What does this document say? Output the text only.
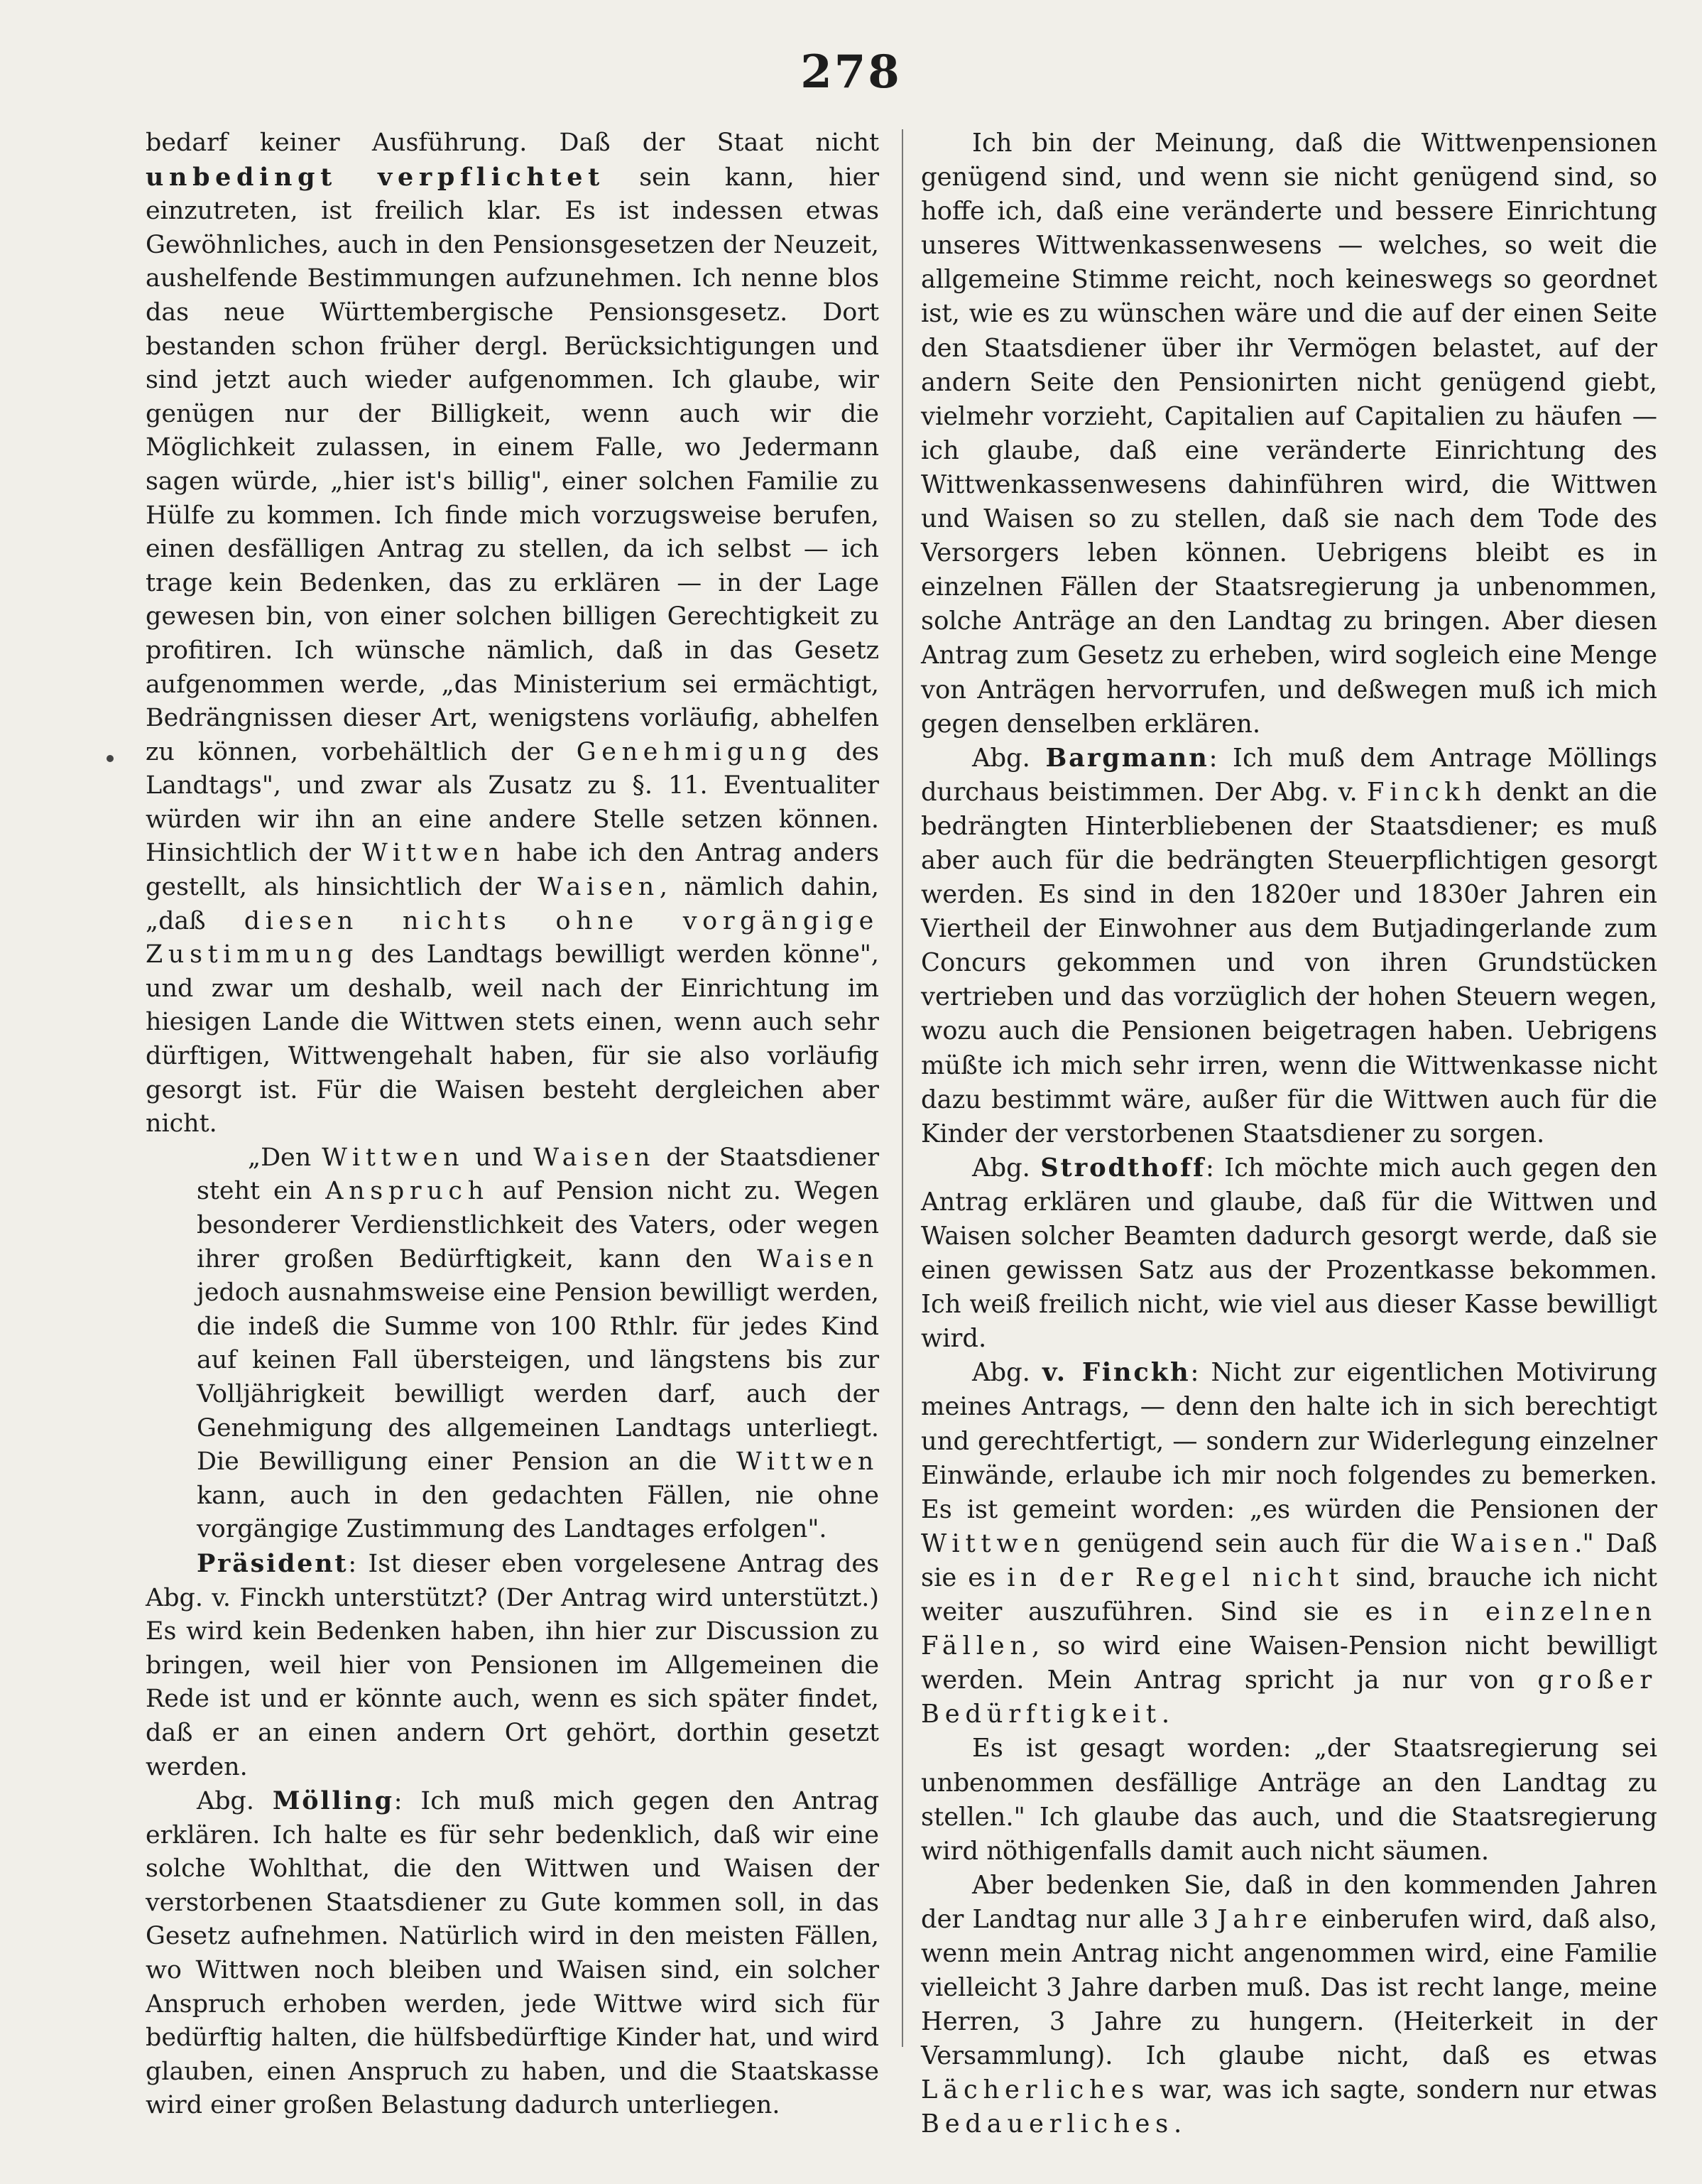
278

bedarf keiner Ausführung. Daß der Staat nicht unbedingt verpflichtet sein kann, hier einzutreten, ist freilich klar. Es ist indessen etwas Gewöhnliches, auch in den Pensionsgesetzen der Neuzeit, aushelfende Bestimmungen aufzunehmen. Ich nenne blos das neue Württembergische Pensionsgesetz. Dort bestanden schon früher dergl. Berücksichtigungen und sind jetzt auch wieder aufgenommen. Ich glaube, wir genügen nur der Billigkeit, wenn auch wir die Möglichkeit zulassen, in einem Falle, wo Jedermann sagen würde, „hier ist's billig", einer solchen Familie zu Hülfe zu kommen. Ich finde mich vorzugsweise berufen, einen desfälligen Antrag zu stellen, da ich selbst — ich trage kein Bedenken, das zu erklären — in der Lage gewesen bin, von einer solchen billigen Gerechtigkeit zu profitiren. Ich wünsche nämlich, daß in das Gesetz aufgenommen werde, „das Ministerium sei ermächtigt, Bedrängnissen dieser Art, wenigstens vorläufig, abhelfen zu können, vorbehältlich der Genehmigung des Landtags", und zwar als Zusatz zu §. 11. Eventualiter würden wir ihn an eine andere Stelle setzen können. Hinsichtlich der Wittwen habe ich den Antrag anders gestellt, als hinsichtlich der Waisen, nämlich dahin, „daß diesen nichts ohne vorgängige Zustimmung des Landtags bewilligt werden könne", und zwar um deshalb, weil nach der Einrichtung im hiesigen Lande die Wittwen stets einen, wenn auch sehr dürftigen, Wittwengehalt haben, für sie also vorläufig gesorgt ist. Für die Waisen besteht dergleichen aber nicht.

„Den Wittwen und Waisen der Staatsdiener steht ein Anspruch auf Pension nicht zu. Wegen besonderer Verdienstlichkeit des Vaters, oder wegen ihrer großen Bedürftigkeit, kann den Waisen jedoch ausnahmsweise eine Pension bewilligt werden, die indeß die Summe von 100 Rthlr. für jedes Kind auf keinen Fall übersteigen, und längstens bis zur Volljährigkeit bewilligt werden darf, auch der Genehmigung des allgemeinen Landtags unterliegt. Die Bewilligung einer Pension an die Wittwen kann, auch in den gedachten Fällen, nie ohne vorgängige Zustimmung des Landtages erfolgen".

Präsident: Ist dieser eben vorgelesene Antrag des Abg. v. Finckh unterstützt? (Der Antrag wird unterstützt.) Es wird kein Bedenken haben, ihn hier zur Discussion zu bringen, weil hier von Pensionen im Allgemeinen die Rede ist und er könnte auch, wenn es sich später findet, daß er an einen andern Ort gehört, dorthin gesetzt werden.

Abg. Mölling: Ich muß mich gegen den Antrag erklären. Ich halte es für sehr bedenklich, daß wir eine solche Wohlthat, die den Wittwen und Waisen der verstorbenen Staatsdiener zu Gute kommen soll, in das Gesetz aufnehmen. Natürlich wird in den meisten Fällen, wo Wittwen noch bleiben und Waisen sind, ein solcher Anspruch erhoben werden, jede Wittwe wird sich für bedürftig halten, die hülfsbedürftige Kinder hat, und wird glauben, einen Anspruch zu haben, und die Staatskasse wird einer großen Belastung dadurch unterliegen.

Ich bin der Meinung, daß die Wittwenpensionen genügend sind, und wenn sie nicht genügend sind, so hoffe ich, daß eine veränderte und bessere Einrichtung unseres Wittwenkassenwesens — welches, so weit die allgemeine Stimme reicht, noch keineswegs so geordnet ist, wie es zu wünschen wäre und die auf der einen Seite den Staatsdiener über ihr Vermögen belastet, auf der andern Seite den Pensionirten nicht genügend giebt, vielmehr vorzieht, Capitalien auf Capitalien zu häufen — ich glaube, daß eine veränderte Einrichtung des Wittwenkassenwesens dahinführen wird, die Wittwen und Waisen so zu stellen, daß sie nach dem Tode des Versorgers leben können. Uebrigens bleibt es in einzelnen Fällen der Staatsregierung ja unbenommen, solche Anträge an den Landtag zu bringen. Aber diesen Antrag zum Gesetz zu erheben, wird sogleich eine Menge von Anträgen hervorrufen, und deßwegen muß ich mich gegen denselben erklären.

Abg. Bargmann: Ich muß dem Antrage Möllings durchaus beistimmen. Der Abg. v. Finckh denkt an die bedrängten Hinterbliebenen der Staatsdiener; es muß aber auch für die bedrängten Steuerpflichtigen gesorgt werden. Es sind in den 1820er und 1830er Jahren ein Viertheil der Einwohner aus dem Butjadingerlande zum Concurs gekommen und von ihren Grundstücken vertrieben und das vorzüglich der hohen Steuern wegen, wozu auch die Pensionen beigetragen haben. Uebrigens müßte ich mich sehr irren, wenn die Wittwenkasse nicht dazu bestimmt wäre, außer für die Wittwen auch für die Kinder der verstorbenen Staatsdiener zu sorgen.

Abg. Strodthoff: Ich möchte mich auch gegen den Antrag erklären und glaube, daß für die Wittwen und Waisen solcher Beamten dadurch gesorgt werde, daß sie einen gewissen Satz aus der Prozentkasse bekommen. Ich weiß freilich nicht, wie viel aus dieser Kasse bewilligt wird.

Abg. v. Finckh: Nicht zur eigentlichen Motivirung meines Antrags, — denn den halte ich in sich berechtigt und gerechtfertigt, — sondern zur Widerlegung einzelner Einwände, erlaube ich mir noch folgendes zu bemerken. Es ist gemeint worden: „es würden die Pensionen der Wittwen genügend sein auch für die Waisen." Daß sie es in der Regel nicht sind, brauche ich nicht weiter auszuführen. Sind sie es in einzelnen Fällen, so wird eine Waisen-Pension nicht bewilligt werden. Mein Antrag spricht ja nur von großer Bedürftigkeit.

Es ist gesagt worden: „der Staatsregierung sei unbenommen desfällige Anträge an den Landtag zu stellen." Ich glaube das auch, und die Staatsregierung wird nöthigenfalls damit auch nicht säumen.

Aber bedenken Sie, daß in den kommenden Jahren der Landtag nur alle 3 Jahre einberufen wird, daß also, wenn mein Antrag nicht angenommen wird, eine Familie vielleicht 3 Jahre darben muß. Das ist recht lange, meine Herren, 3 Jahre zu hungern. (Heiterkeit in der Versammlung). Ich glaube nicht, daß es etwas Lächerliches war, was ich sagte, sondern nur etwas Bedauerliches.
